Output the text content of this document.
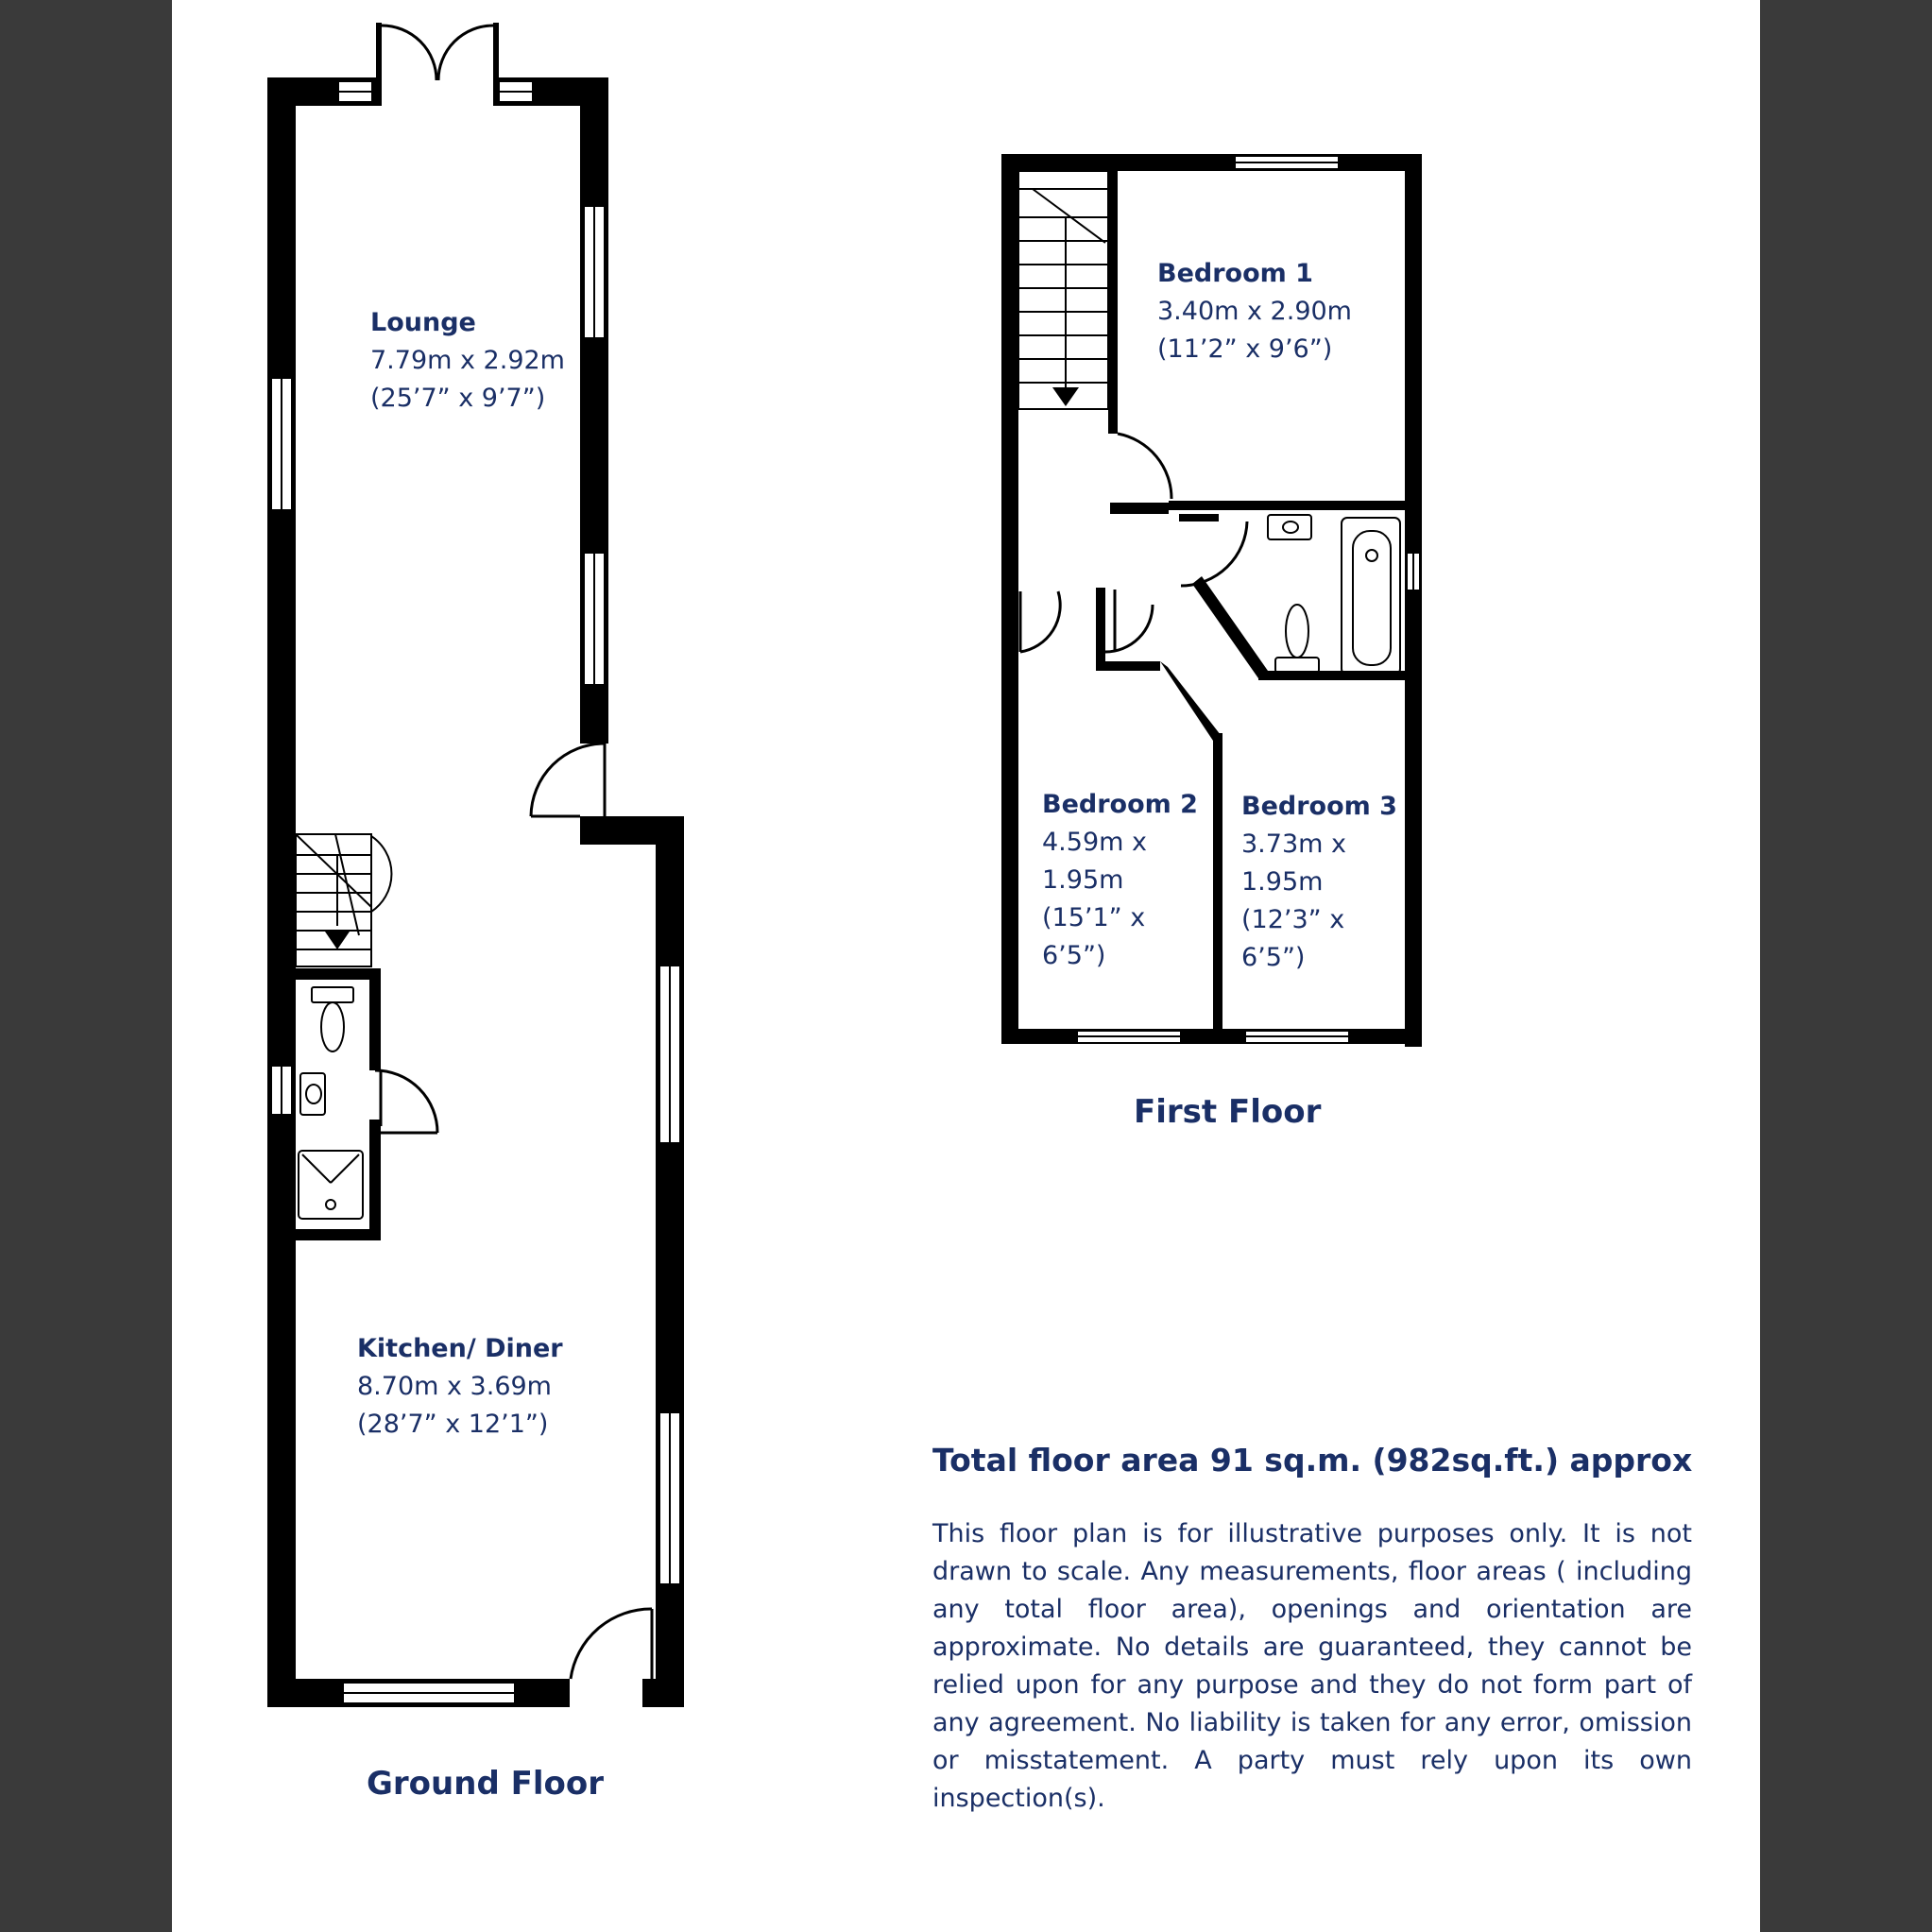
Lounge
7.79m x 2.92m
(25’7” x 9’7”)
Kitchen/ Diner
8.70m x 3.69m
(28’7” x 12’1”)
Ground Floor
Bedroom 1
3.40m x 2.90m
(11’2” x 9’6”)
Bedroom 2
4.59m x
1.95m
(15’1” x
6’5”)
Bedroom 3
3.73m x
1.95m
(12’3” x
6’5”)
First Floor
Total floor area 91 sq.m. (982sq.ft.) approx
This floor plan is for illustrative purposes only. It is not drawn to scale. Any measurements, floor areas ( including any total floor area), openings and orientation are approximate. No details are guaranteed, they cannot be relied upon for any purpose and they do not form part of any agreement. No liability is taken for any error, omission or misstatement. A party must rely upon its own inspection(s).
